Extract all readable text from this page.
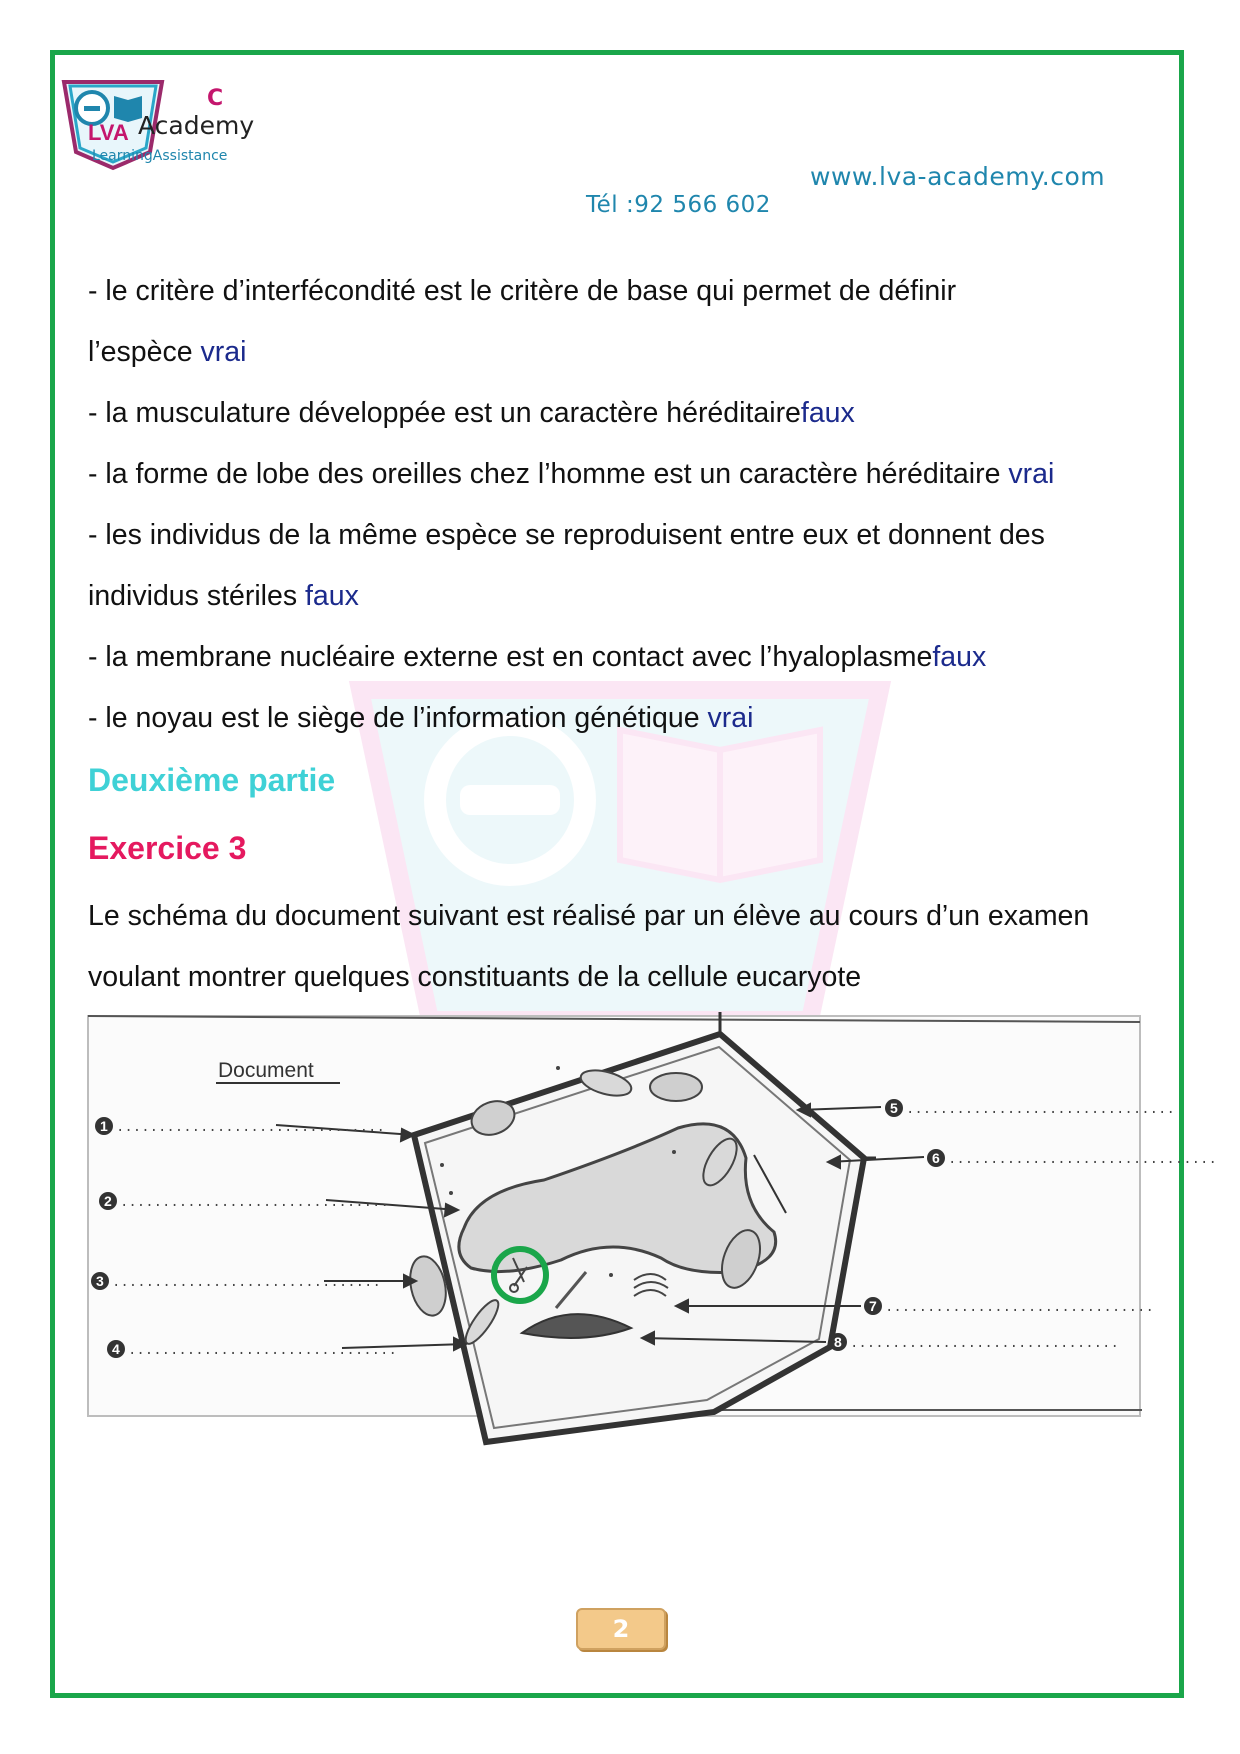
LVA
C
Academy
LearningAssistance
www.lva-academy.com
Tél :92 566 602
- le critère d’interfécondité est le critère de base qui permet de définir
l’espèce vrai
- la musculature développée est un caractère héréditairefaux
- la forme de lobe des oreilles chez l’homme est un caractère héréditaire vrai
- les individus de la même espèce se reproduisent entre eux et donnent des
individus stériles faux
- la membrane nucléaire externe est en contact avec l’hyaloplasmefaux
- le noyau est le siège de l’information génétique vrai
Deuxième partie
Exercice 3
Le schéma du document suivant est réalisé par un élève au cours d’un examen
voulant montrer quelques constituants de la cellule eucaryote
Document
1
2
3
4
5
6
7
8
................................
................................
................................
................................
................................
................................
................................
................................
2
